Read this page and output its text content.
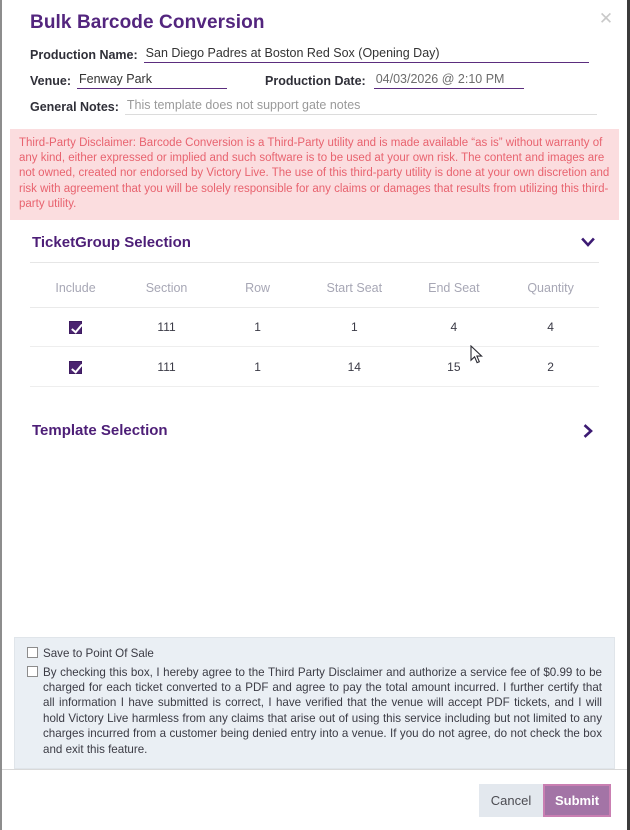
Bulk Barcode Conversion	✕
Production Name: San Diego Padres at Boston Red Sox (Opening Day)
Venue: Fenway Park	Production Date: 04/03/2026 @ 2:10 PM
General Notes: This template does not support gate notes
Third-Party Disclaimer: Barcode Conversion is a Third-Party utility and is made available “as is” without warranty of any kind, either expressed or implied and such software is to be used at your own risk. The content and images are not owned, created nor endorsed by Victory Live. The use of this third-party utility is done at your own discretion and risk with agreement that you will be solely responsible for any claims or damages that results from utilizing this third-party utility.
TicketGroup Selection
Include	Section	Row	Start Seat	End Seat	Quantity
	111	1	1	4	4
	111	1	14	15	2
Template Selection
Save to Point Of Sale
By checking this box, I hereby agree to the Third Party Disclaimer and authorize a service fee of $0.99 to be charged for each ticket converted to a PDF and agree to pay the total amount incurred. I further certify that all information I have submitted is correct, I have verified that the venue will accept PDF tickets, and I will hold Victory Live harmless from any claims that arise out of using this service including but not limited to any charges incurred from a customer being denied entry into a venue. If you do not agree, do not check the box and exit this feature.
Cancel	Submit
